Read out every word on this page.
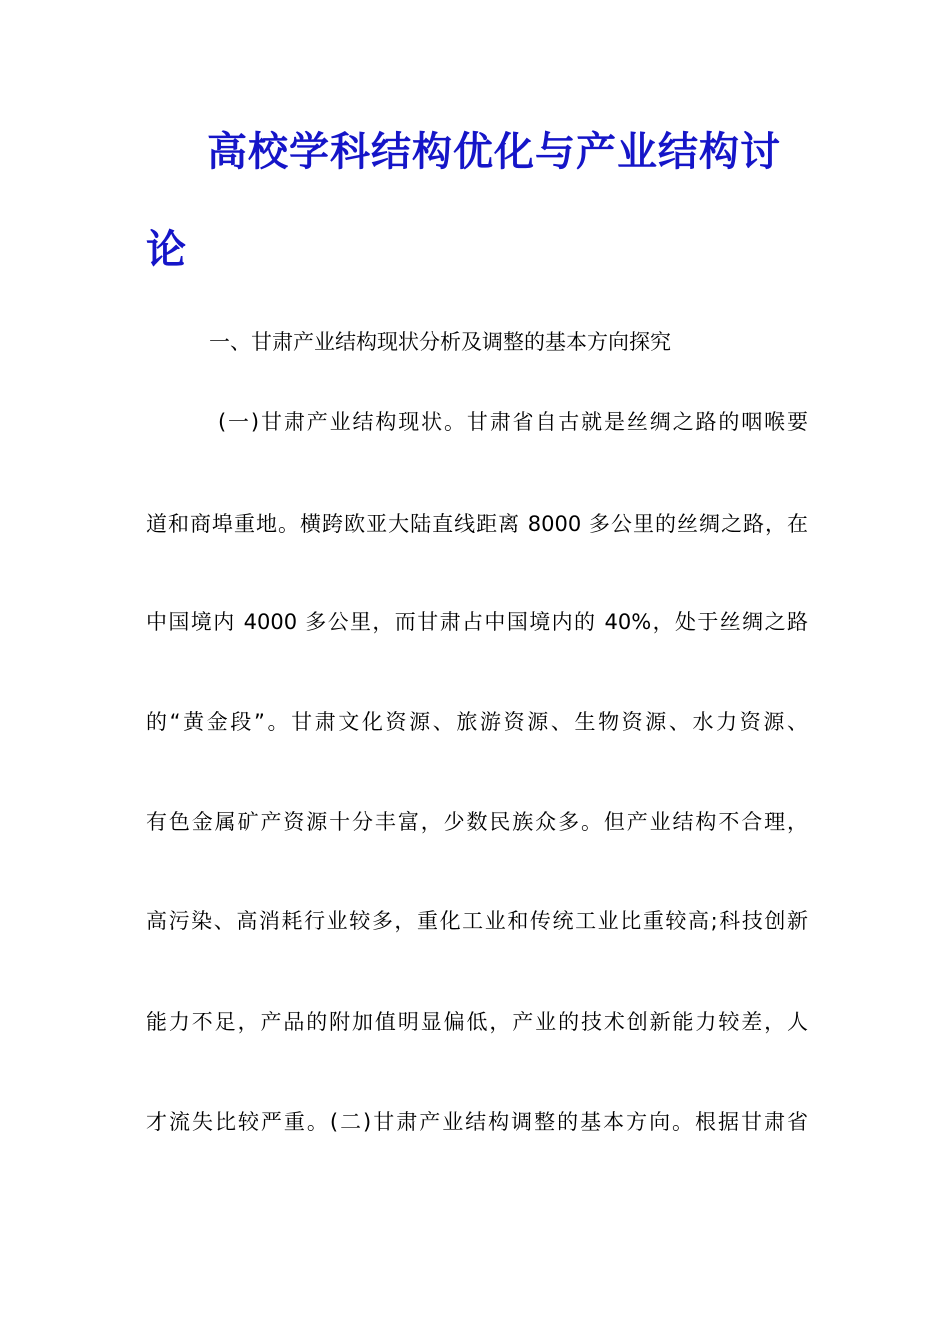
高校学科结构优化与产业结构讨
论
一、甘肃产业结构现状分析及调整的基本方向探究
(一)甘肃产业结构现状。甘肃省自古就是丝绸之路的咽喉要
道和商埠重地。横跨欧亚大陆直线距离 8000 多公里的丝绸之路，在
中国境内 4000 多公里，而甘肃占中国境内的 40%，处于丝绸之路
的“黄金段”。甘肃文化资源、旅游资源、生物资源、水力资源、
有色金属矿产资源十分丰富，少数民族众多。但产业结构不合理，
高污染、高消耗行业较多，重化工业和传统工业比重较高;科技创新
能力不足，产品的附加值明显偏低，产业的技术创新能力较差，人
才流失比较严重。(二)甘肃产业结构调整的基本方向。根据甘肃省
